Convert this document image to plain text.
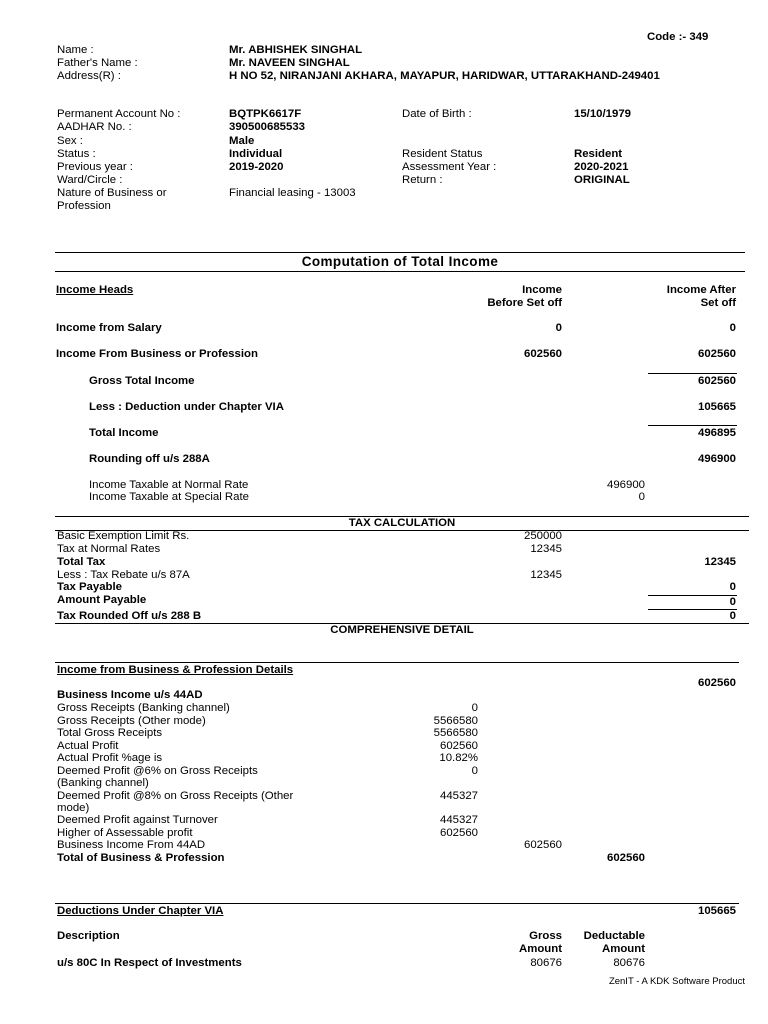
Code :- 349
Name :	Mr. ABHISHEK SINGHAL
Father's Name :	Mr. NAVEEN SINGHAL
Address(R) :	H NO 52, NIRANJANI AKHARA, MAYAPUR, HARIDWAR, UTTARAKHAND-249401
Permanent Account No :	BQTPK6617F	Date of Birth :	15/10/1979
AADHAR No. :	390500685533
Sex :	Male
Status :	Individual	Resident Status	Resident
Previous year :	2019-2020	Assessment Year :	2020-2021
Ward/Circle :	Return :	ORIGINAL
Nature of Business or	Financial leasing - 13003
Profession
Computation of Total Income
Income Heads	Income
Before Set off
Income After
Set off
Income from Salary	0	0
Income From Business or Profession	602560	602560
Gross Total Income	602560
Less : Deduction under Chapter VIA	105665
Total Income	496895
Rounding off u/s 288A	496900
Income Taxable at Normal Rate	496900
Income Taxable at Special Rate	0
TAX CALCULATION
Basic Exemption Limit Rs.	250000
Tax at Normal Rates	12345
Total Tax	12345
Less : Tax Rebate u/s 87A	12345
Tax Payable	0
Amount Payable	0
Tax Rounded Off u/s 288 B	0
COMPREHENSIVE DETAIL
Income from Business & Profession Details
602560
Business Income u/s 44AD
Gross Receipts (Banking channel)	0
Gross Receipts (Other mode)	5566580
Total Gross Receipts	5566580
Actual Profit	602560
Actual Profit %age is	10.82%
Deemed Profit @6% on Gross Receipts	0
(Banking channel)
Deemed Profit @8% on Gross Receipts (Other	445327
mode)
Deemed Profit against Turnover	445327
Higher of Assessable profit	602560
Business Income From 44AD	602560
Total of Business & Profession	602560
Deductions Under Chapter VIA	105665
Description	Gross
Amount
Deductable
Amount
u/s 80C In Respect of Investments	80676	80676
ZenIT - A KDK Software Product
